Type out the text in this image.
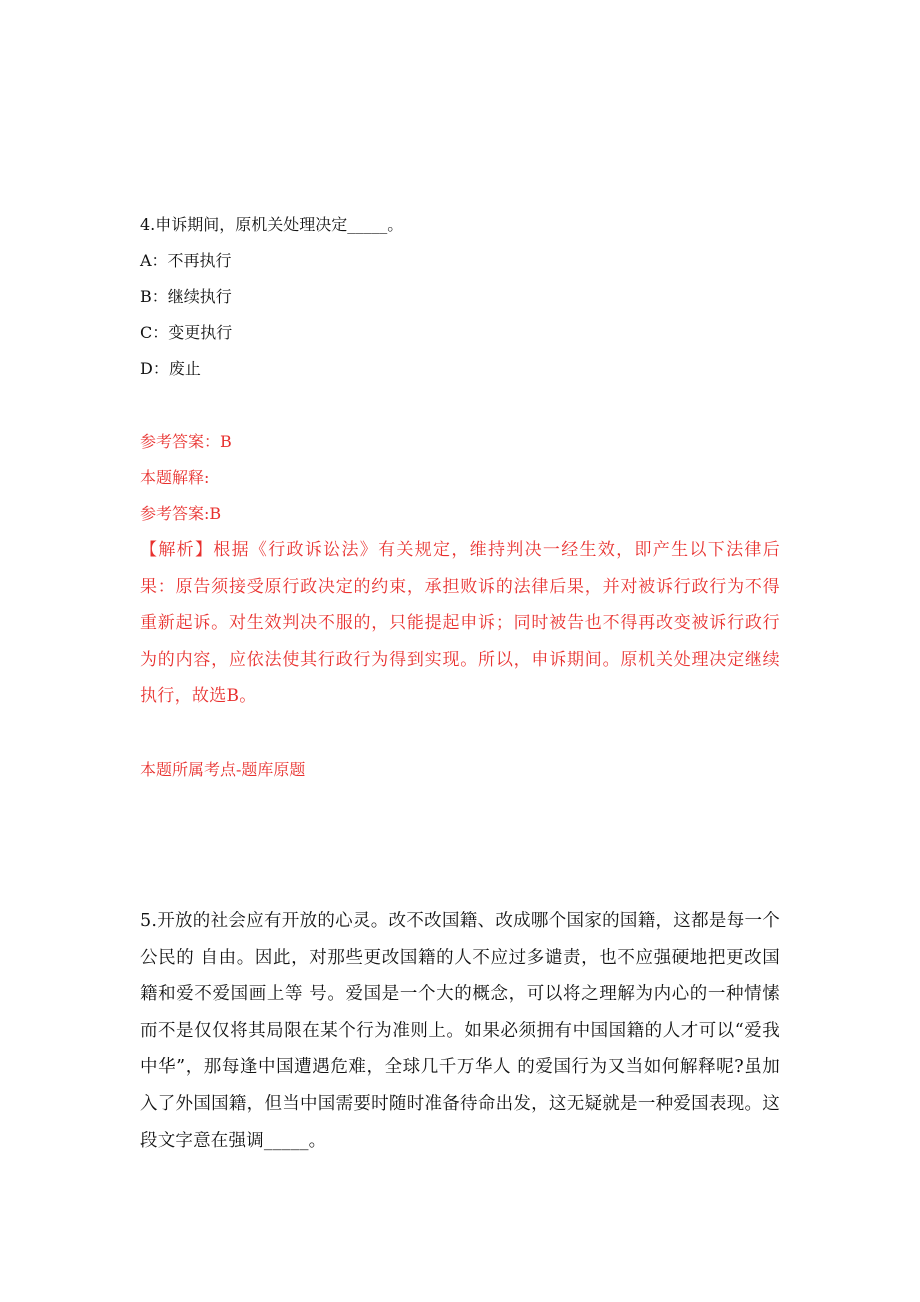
4.申诉期间，原机关处理决定_____。
A：不再执行
B：继续执行
C：变更执行
D：废止
参考答案：B
本题解释:
参考答案:B
【解析】根据《行政诉讼法》有关规定，维持判决一经生效，即产生以下法律后果：原告须接受原行政决定的约束，承担败诉的法律后果，并对被诉行政行为不得重新起诉。对生效判决不服的，只能提起申诉；同时被告也不得再改变被诉行政行为的内容，应依法使其行政行为得到实现。所以，申诉期间。原机关处理决定继续执行，故选B。
本题所属考点-题库原题
5.开放的社会应有开放的心灵。改不改国籍、改成哪个国家的国籍，这都是每一个公民的 自由。因此，对那些更改国籍的人不应过多谴责，也不应强硬地把更改国籍和爱不爱国画上等 号。爱国是一个大的概念，可以将之理解为内心的一种情愫而不是仅仅将其局限在某个行为准则上。如果必须拥有中国国籍的人才可以“爱我中华”，那每逢中国遭遇危难，全球几千万华人 的爱国行为又当如何解释呢?虽加入了外国国籍，但当中国需要时随时准备待命出发，这无疑就是一种爱国表现。这段文字意在强调_____。
